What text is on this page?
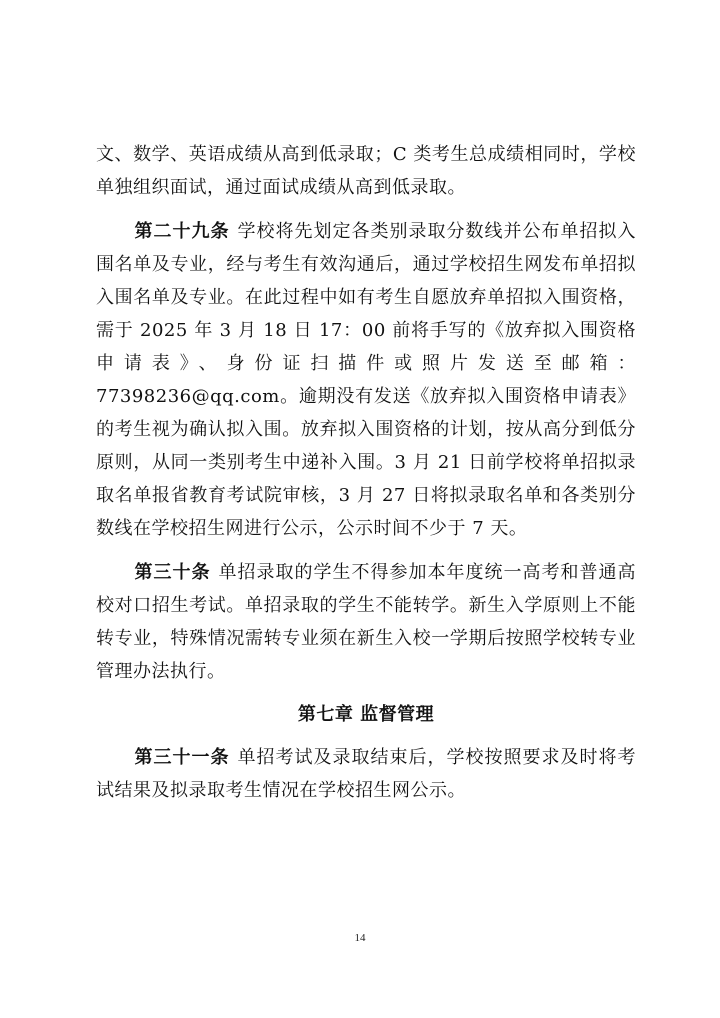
文、数学、英语成绩从高到低录取；C 类考生总成绩相同时，学校单独组织面试，通过面试成绩从高到低录取。

第二十九条 学校将先划定各类别录取分数线并公布单招拟入围名单及专业，经与考生有效沟通后，通过学校招生网发布单招拟入围名单及专业。在此过程中如有考生自愿放弃单招拟入围资格，需于 2025 年 3 月 18 日 17：00 前将手写的《放弃拟入围资格申请表》、身份证扫描件或照片发送至邮箱：77398236@qq.com。逾期没有发送《放弃拟入围资格申请表》的考生视为确认拟入围。放弃拟入围资格的计划，按从高分到低分原则，从同一类别考生中递补入围。3 月 21 日前学校将单招拟录取名单报省教育考试院审核，3 月 27 日将拟录取名单和各类别分数线在学校招生网进行公示，公示时间不少于 7 天。

第三十条 单招录取的学生不得参加本年度统一高考和普通高校对口招生考试。单招录取的学生不能转学。新生入学原则上不能转专业，特殊情况需转专业须在新生入校一学期后按照学校转专业管理办法执行。

第七章 监督管理

第三十一条 单招考试及录取结束后，学校按照要求及时将考试结果及拟录取考生情况在学校招生网公示。

14
